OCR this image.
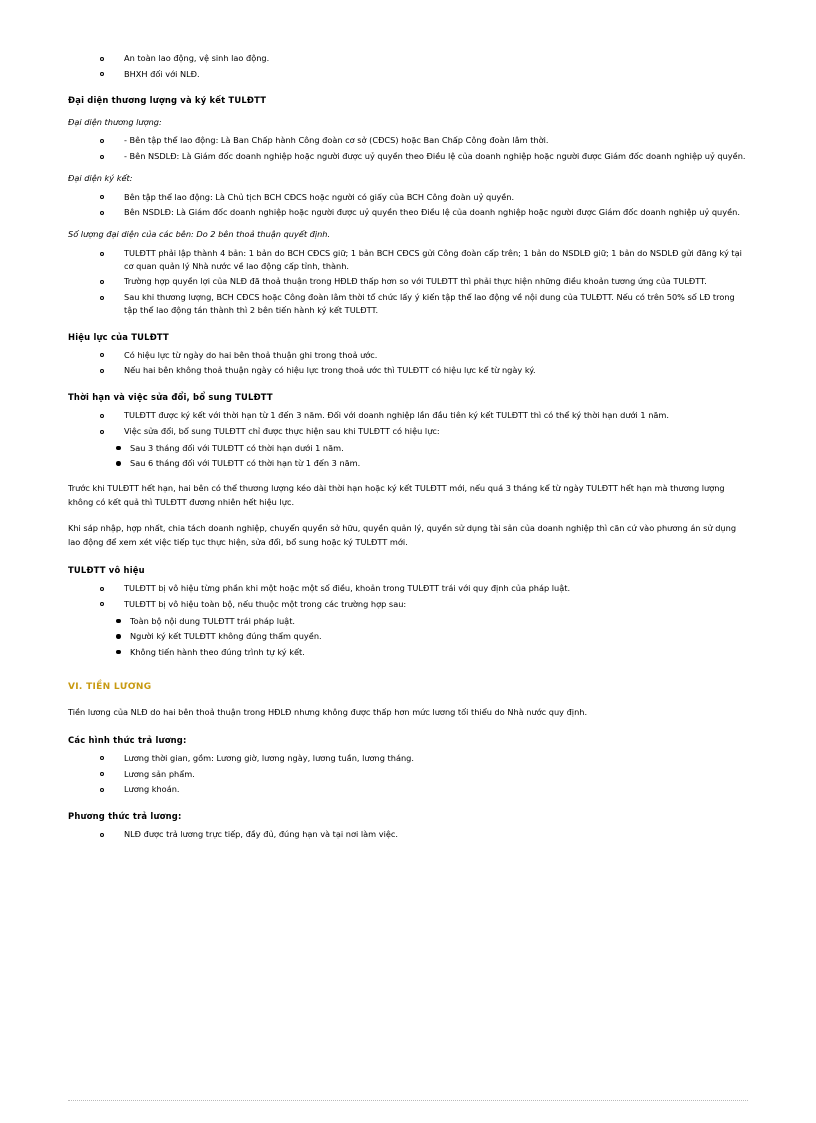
An toàn lao động, vệ sinh lao động.
BHXH đối với NLĐ.
Đại diện thương lượng và ký kết TULĐTT
Đại diện thương lượng:
- Bên tập thể lao động: Là Ban Chấp hành Công đoàn cơ sở (CĐCS) hoặc Ban Chấp Công đoàn lâm thời.
- Bên NSDLĐ: Là Giám đốc doanh nghiệp hoặc người được uỷ quyền theo Điều lệ của doanh nghiệp hoặc người được Giám đốc doanh nghiệp uỷ quyền.
Đại diện ký kết:
Bên tập thể lao động: Là Chủ tịch BCH CĐCS hoặc người có giấy của BCH Công đoàn uỷ quyền.
Bên NSDLĐ: Là Giám đốc doanh nghiệp hoặc người được uỷ quyền theo Điều lệ của doanh nghiệp hoặc người được Giám đốc doanh nghiệp uỷ quyền.
Số lượng đại diện của các bên: Do 2 bên thoả thuận quyết định.
TULĐTT phải lập thành 4 bản: 1 bản do BCH CĐCS giữ; 1 bản BCH CĐCS gửi Công đoàn cấp trên; 1 bản do NSDLĐ giữ; 1 bản do NSDLĐ gửi đăng ký tại cơ quan quản lý Nhà nước về lao động cấp tỉnh, thành.
Trường hợp quyền lợi của NLĐ đã thoả thuận trong HĐLĐ thấp hơn so với TULĐTT thì phải thực hiện những điều khoản tương ứng của TULĐTT.
Sau khi thương lượng, BCH CĐCS hoặc Công đoàn lâm thời tổ chức lấy ý kiến tập thể lao động về nội dung của TULĐTT. Nếu có trên 50% số LĐ trong tập thể lao động tán thành thì 2 bên tiến hành ký kết TULĐTT.
Hiệu lực của TULĐTT
Có hiệu lực từ ngày do hai bên thoả thuận ghi trong thoả ước.
Nếu hai bên không thoả thuận ngày có hiệu lực trong thoả ước thì TULĐTT có hiệu lực kể từ ngày ký.
Thời hạn và việc sửa đổi, bổ sung TULĐTT
TULĐTT được ký kết với thời hạn từ 1 đến 3 năm. Đối với doanh nghiệp lần đầu tiên ký kết TULĐTT thì có thể ký thời hạn dưới 1 năm.
Việc sửa đổi, bổ sung TULĐTT chỉ được thực hiện sau khi TULĐTT có hiệu lực:
Sau 3 tháng đối với TULĐTT có thời hạn dưới 1 năm.
Sau 6 tháng đối với TULĐTT có thời hạn từ 1 đến 3 năm.
Trước khi TULĐTT hết hạn, hai bên có thể thương lượng kéo dài thời hạn hoặc ký kết TULĐTT mới, nếu quá 3 tháng kể từ ngày TULĐTT hết hạn mà thương lượng không có kết quả thì TULĐTT đương nhiên hết hiệu lực.
Khi sáp nhập, hợp nhất, chia tách doanh nghiệp, chuyển quyền sở hữu, quyền quản lý, quyền sử dụng tài sản của doanh nghiệp thì căn cứ vào phương án sử dụng lao động để xem xét việc tiếp tục thực hiện, sửa đổi, bổ sung hoặc ký TULĐTT mới.
TULĐTT vô hiệu
TULĐTT bị vô hiệu từng phần khi một hoặc một số điều, khoản trong TULĐTT trái với quy định của pháp luật.
TULĐTT bị vô hiệu toàn bộ, nếu thuộc một trong các trường hợp sau:
Toàn bộ nội dung TULĐTT trái pháp luật.
Người ký kết TULĐTT không đúng thẩm quyền.
Không tiến hành theo đúng trình tự ký kết.
VI. TIỀN LƯƠNG
Tiền lương của NLĐ do hai bên thoả thuận trong HĐLĐ nhưng không được thấp hơn mức lương tối thiểu do Nhà nước quy định.
Các hình thức trả lương:
Lương thời gian, gồm: Lương giờ, lương ngày, lương tuần, lương tháng.
Lương sản phẩm.
Lương khoán.
Phương thức trả lương:
NLĐ được trả lương trực tiếp, đầy đủ, đúng hạn và tại nơi làm việc.
